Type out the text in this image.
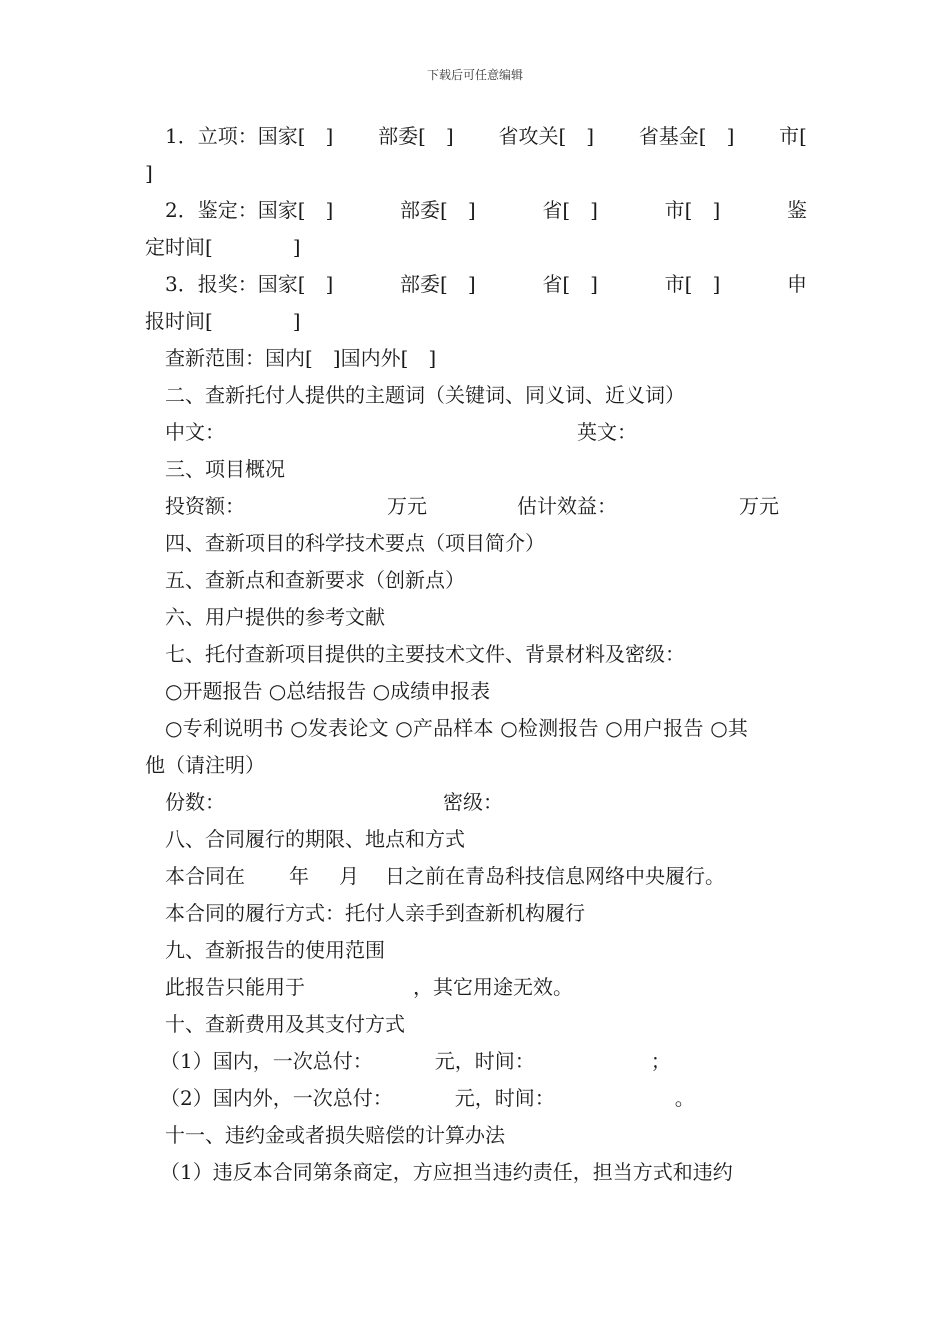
下载后可任意编辑
1．立项：国家[　] 部委[　] 省攻关[　] 省基金[　] 市[
]
2．鉴定：国家[　]	部委[　]	省[　]	市[　]	鉴
定时间[　　　　]
3．报奖：国家[　]	部委[　]	省[　]	市[　]	申
报时间[　　　　]
查新范围：国内[　]国内外[　]
二、查新托付人提供的主题词（关键词、同义词、近义词）
中文：	英文：
三、项目概况
投资额：	万元	估计效益：	万元
四、查新项目的科学技术要点（项目简介）
五、查新点和查新要求（创新点）
六、用户提供的参考文献
七、托付查新项目提供的主要技术文件、背景材料及密级：
○开题报告 ○总结报告 ○成绩申报表
○专利说明书 ○发表论文 ○产品样本 ○检测报告 ○用户报告 ○其
他（请注明）
份数：	密级：
八、合同履行的期限、地点和方式
本合同在 年 月 日之前在青岛科技信息网络中央履行。
本合同的履行方式：托付人亲手到查新机构履行
九、查新报告的使用范围
此报告只能用于	，其它用途无效。
十、查新费用及其支付方式
（1）国内，一次总付：	元，时间：	；
（2）国内外，一次总付：	元，时间：	。
十一、违约金或者损失赔偿的计算办法
（1）违反本合同第条商定，方应担当违约责任，担当方式和违约
